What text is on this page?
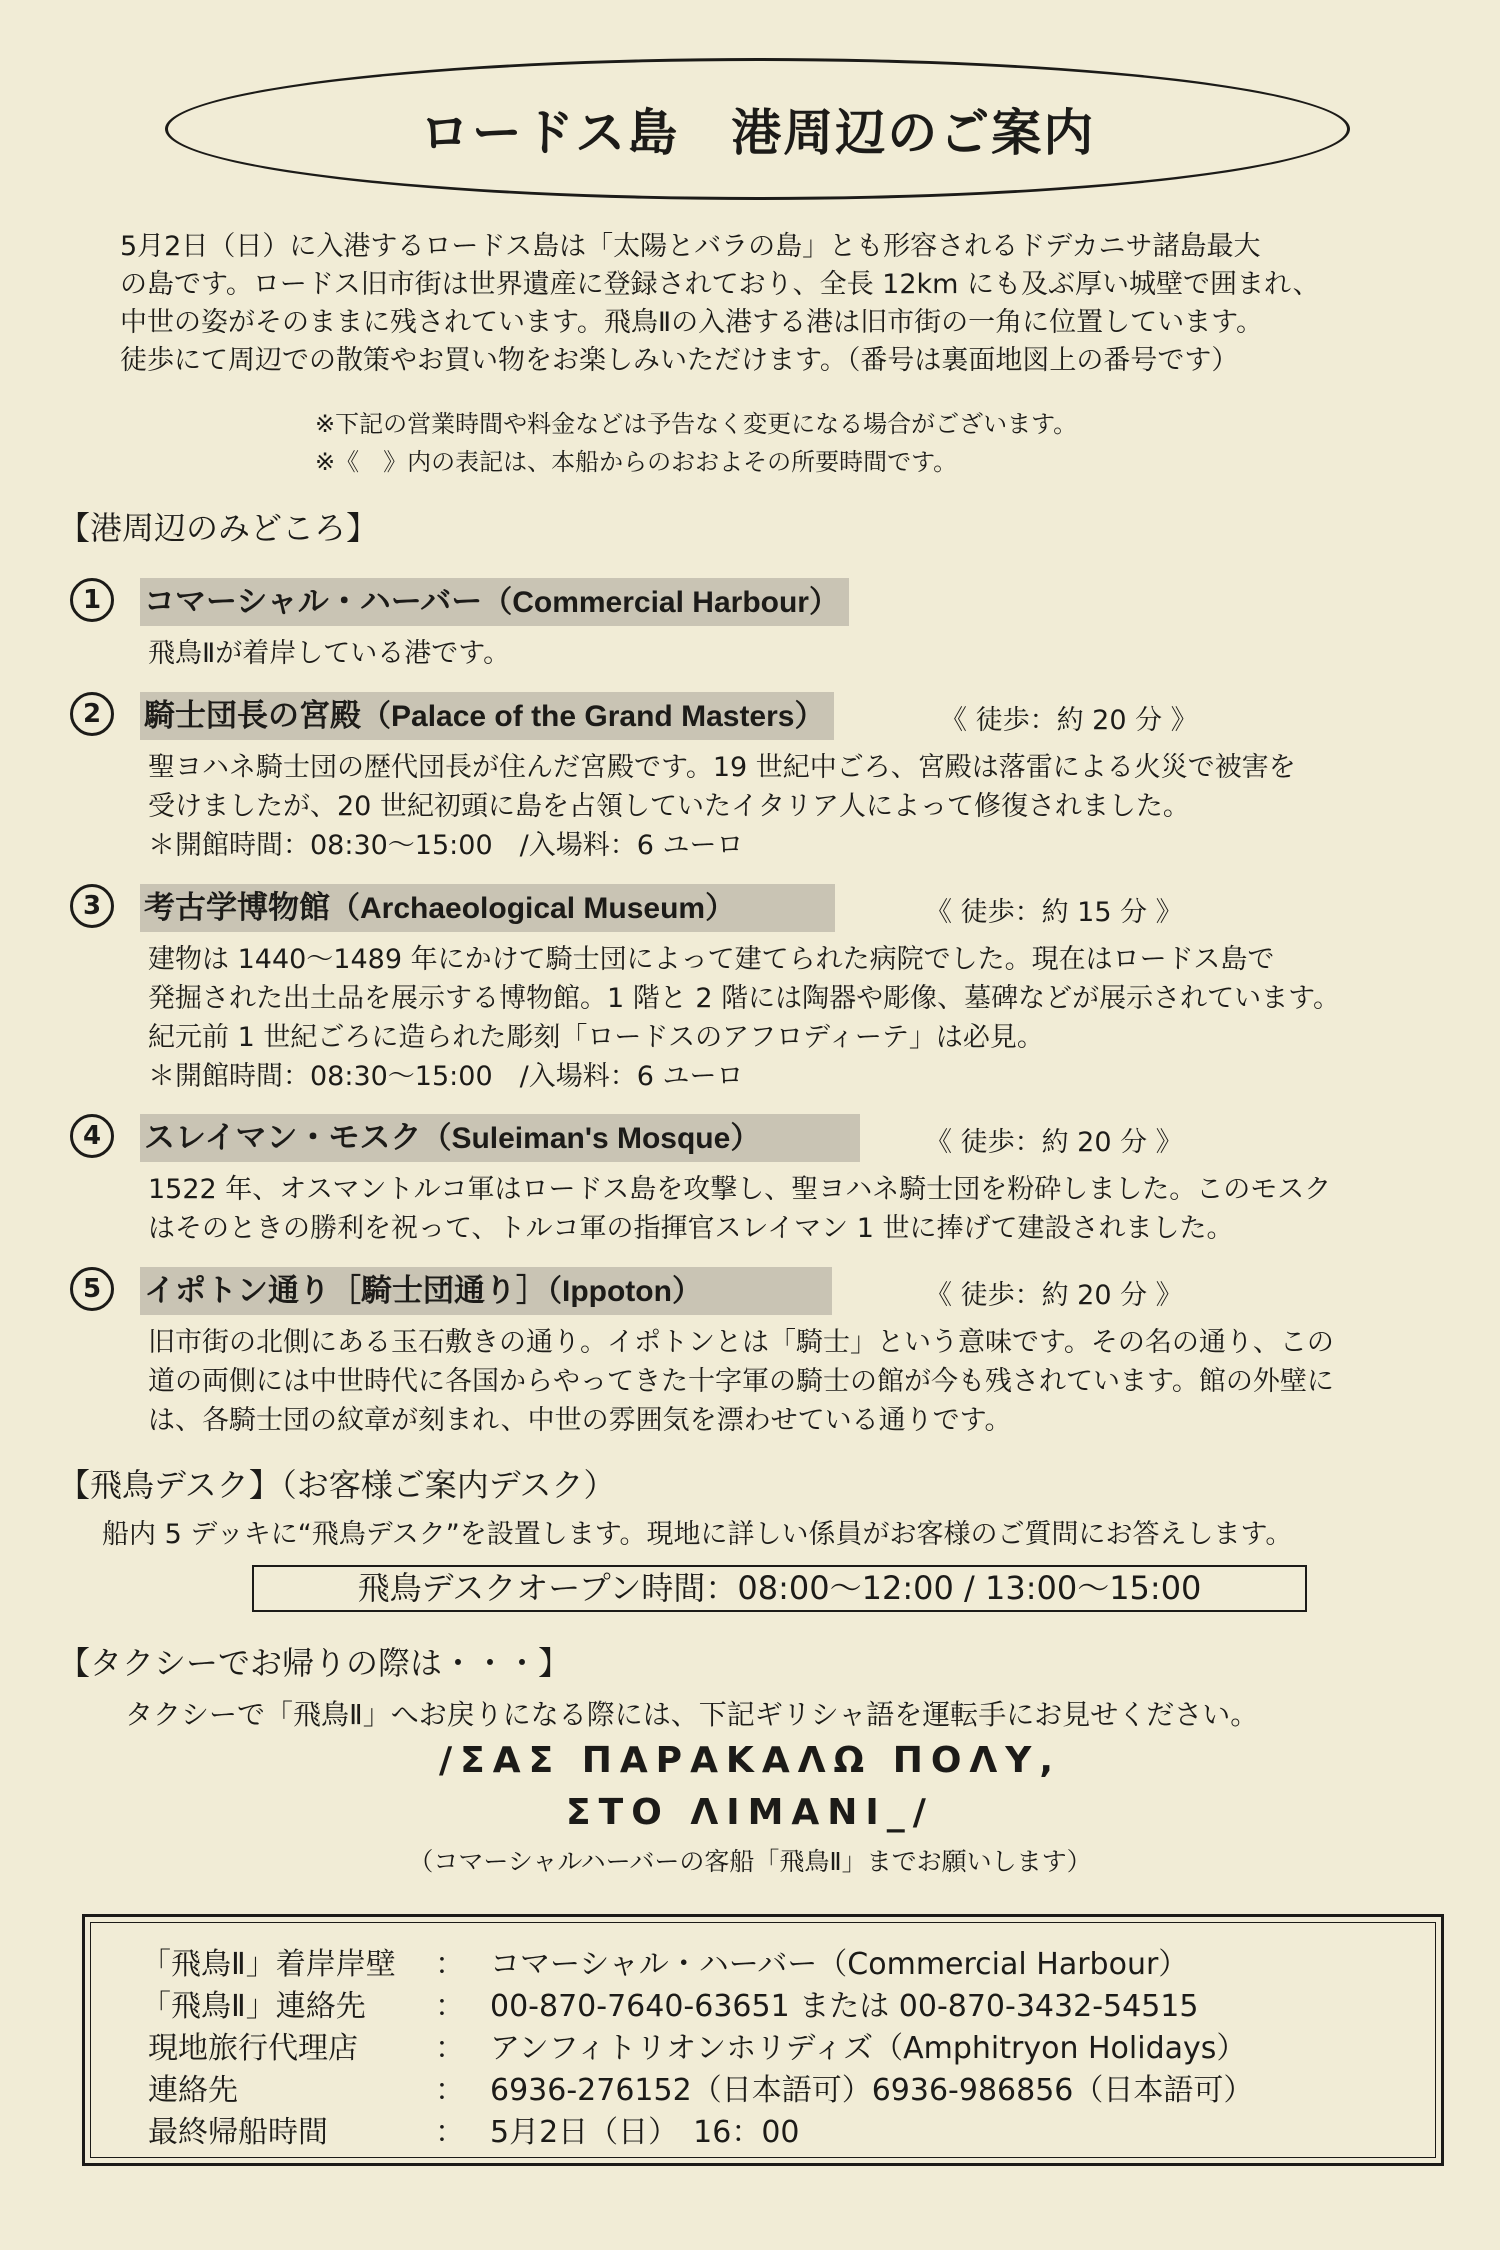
ロードス島　港周辺のご案内

5月2日（日）に入港するロードス島は「太陽とバラの島」とも形容されるドデカニサ諸島最大

の島です。ロードス旧市街は世界遺産に登録されており、全長 12km にも及ぶ厚い城壁で囲まれ、

中世の姿がそのままに残されています。飛鳥Ⅱの入港する港は旧市街の一角に位置しています。

徒歩にて周辺での散策やお買い物をお楽しみいただけます。（番号は裏面地図上の番号です）

※下記の営業時間や料金などは予告なく変更になる場合がございます。

※《　》内の表記は、本船からのおおよその所要時間です。

【港周辺のみどころ】
1	コマーシャル・ハーバー（Commercial Harbour）

飛鳥Ⅱが着岸している港です。

2	騎士団長の宮殿（Palace of the Grand Masters）	《 徒歩：約 20 分 》

聖ヨハネ騎士団の歴代団長が住んだ宮殿です。19 世紀中ごろ、宮殿は落雷による火災で被害を

受けましたが、20 世紀初頭に島を占領していたイタリア人によって修復されました。

＊開館時間：08:30～15:00　/入場料：6 ユーロ

3	考古学博物館（Archaeological Museum）	《 徒歩：約 15 分 》

建物は 1440～1489 年にかけて騎士団によって建てられた病院でした。現在はロードス島で

発掘された出土品を展示する博物館。1 階と 2 階には陶器や彫像、墓碑などが展示されています。

紀元前 1 世紀ごろに造られた彫刻「ロードスのアフロディーテ」は必見。

＊開館時間：08:30～15:00　/入場料：6 ユーロ

4	スレイマン・モスク（Suleiman's Mosque）	《 徒歩：約 20 分 》

1522 年、オスマントルコ軍はロードス島を攻撃し、聖ヨハネ騎士団を粉砕しました。このモスク

はそのときの勝利を祝って、トルコ軍の指揮官スレイマン 1 世に捧げて建設されました。

5	イポトン通り［騎士団通り］（Ippoton）	《 徒歩：約 20 分 》

旧市街の北側にある玉石敷きの通り。イポトンとは「騎士」という意味です。その名の通り、この

道の両側には中世時代に各国からやってきた十字軍の騎士の館が今も残されています。館の外壁に

は、各騎士団の紋章が刻まれ、中世の雰囲気を漂わせている通りです。

【飛鳥デスク】（お客様ご案内デスク）
船内 5 デッキに“飛鳥デスク”を設置します。現地に詳しい係員がお客様のご質問にお答えします。
飛鳥デスクオープン時間：08:00～12:00 / 13:00～15:00
【タクシーでお帰りの際は・・・】
タクシーで「飛鳥Ⅱ」へお戻りになる際には、下記ギリシャ語を運転手にお見せください。
/ΣΑΣ ΠΑΡΑΚΑΛΩ ΠΟΛΥ,
ΣΤΟ ΛΙΜΑΝΙ_/
（コマーシャルハーバーの客船「飛鳥Ⅱ」までお願いします）
「飛鳥Ⅱ」着岸岸壁 ： コマーシャル・ハーバー（Commercial Harbour）
「飛鳥Ⅱ」連絡先 ： 00-870-7640-63651 または 00-870-3432-54515
現地旅行代理店	： アンフィトリオンホリディズ（Amphitryon Holidays）
連絡先	： 6936-276152（日本語可）6936-986856（日本語可）
最終帰船時間	： 5月2日（日）　16：00
